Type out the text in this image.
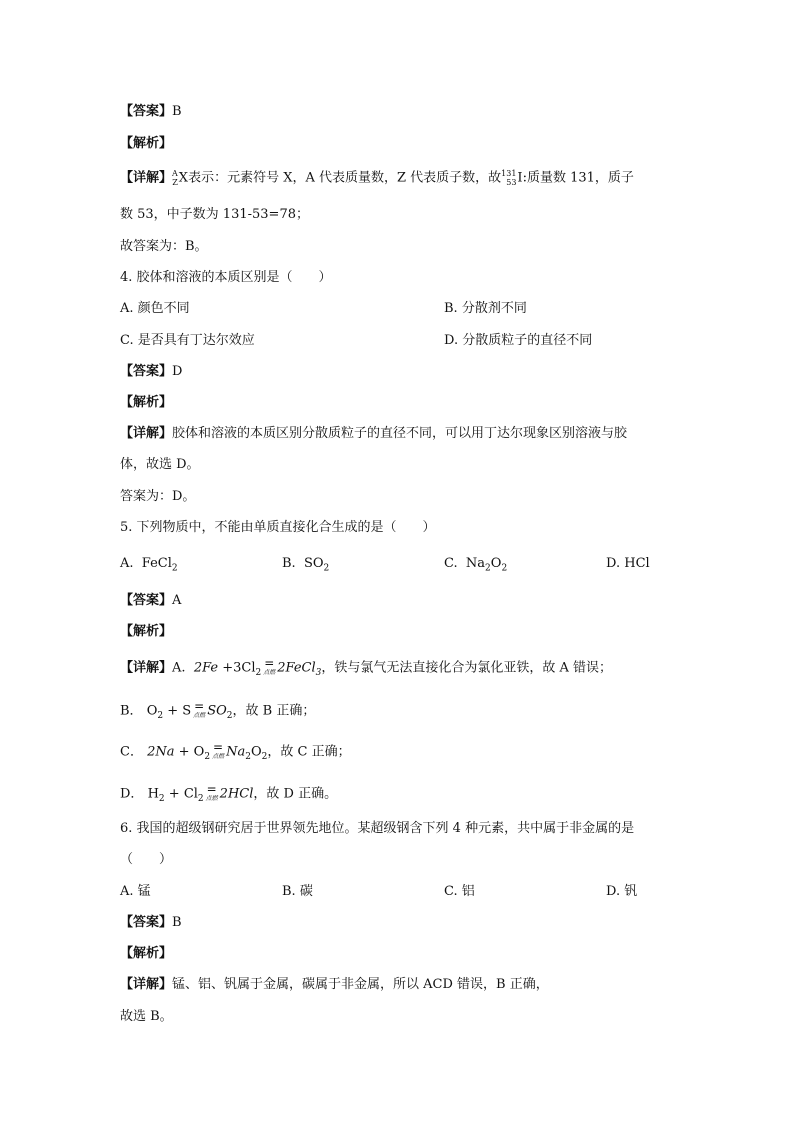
【答案】B
【解析】
【详解】 A
Z X表示：元素符号 X，A 代表质量数，Z 代表质子数，故 131
53 I:质量数 131，质子
数 53，中子数为 131-53=78；
故答案为：B。
4. 胶体和溶液的本质区别是（　　）
A. 颜色不同	B. 分散剂不同
C. 是否具有丁达尔效应	D. 分散质粒子的直径不同
【答案】D
【解析】
【详解】胶体和溶液的本质区别分散质粒子的直径不同，可以用丁达尔现象区别溶液与胶
体，故选 D。
答案为：D。
5. 下列物质中，不能由单质直接化合生成的是（　　）
A. FeCl$_2$	B. $SO_2$	C. $Na_2O_2$	D. HCl
【答案】A
【解析】
【详解】A. $2Fe +3Cl_2$
=
点燃 2FeCl$_3$，铁与氯气无法直接化合为氯化亚铁，故 A 错误；
B． $O_2 + S$ =
点燃 $SO_2$，故 B 正确；
C． $2Na + O_2$
=
点燃 $Na_2O_2$，故 C 正确；
D． $H_2 + Cl_2$
=
点燃 2HCl，故 D 正确。
6. 我国的超级钢研究居于世界领先地位。某超级钢含下列 4 种元素，共中属于非金属的是
（　　）
A. 锰	B. 碳	C. 铝	D. 钒
【答案】B
【解析】
【详解】锰、铝、钒属于金属，碳属于非金属，所以 ACD 错误，B 正确，
故选 B。
